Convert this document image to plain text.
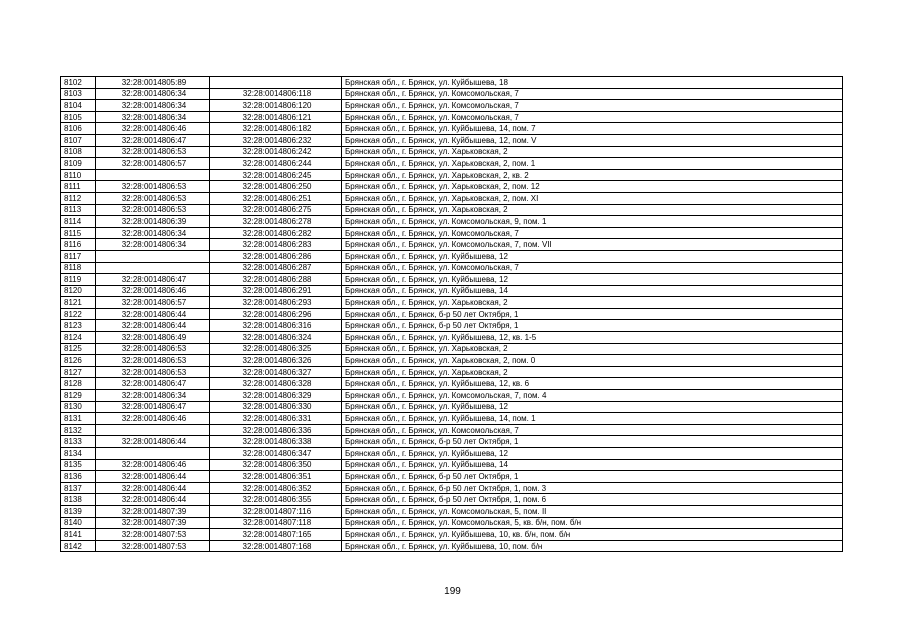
8102	32:28:0014805:89		Брянская обл., г. Брянск, ул. Куйбышева, 18
8103	32:28:0014806:34	32:28:0014806:118	Брянская обл., г. Брянск, ул. Комсомольская, 7
8104	32:28:0014806:34	32:28:0014806:120	Брянская обл., г. Брянск, ул. Комсомольская, 7
8105	32:28:0014806:34	32:28:0014806:121	Брянская обл., г. Брянск, ул. Комсомольская, 7
8106	32:28:0014806:46	32:28:0014806:182	Брянская обл., г. Брянск, ул. Куйбышева, 14, пом. 7
8107	32:28:0014806:47	32:28:0014806:232	Брянская обл., г. Брянск, ул. Куйбышева, 12, пом. V
8108	32:28:0014806:53	32:28:0014806:242	Брянская обл., г. Брянск, ул. Харьковская, 2
8109	32:28:0014806:57	32:28:0014806:244	Брянская обл., г. Брянск, ул. Харьковская, 2, пом. 1
8110		32:28:0014806:245	Брянская обл., г. Брянск, ул. Харьковская, 2, кв. 2
8111	32:28:0014806:53	32:28:0014806:250	Брянская обл., г. Брянск, ул. Харьковская, 2, пом. 12
8112	32:28:0014806:53	32:28:0014806:251	Брянская обл., г. Брянск, ул. Харьковская, 2, пом. XI
8113	32:28:0014806:53	32:28:0014806:275	Брянская обл., г. Брянск, ул. Харьковская, 2
8114	32:28:0014806:39	32:28:0014806:278	Брянская обл., г. Брянск, ул. Комсомольская, 9, пом. 1
8115	32:28:0014806:34	32:28:0014806:282	Брянская обл., г. Брянск, ул. Комсомольская, 7
8116	32:28:0014806:34	32:28:0014806:283	Брянская обл., г. Брянск, ул. Комсомольская, 7, пом. VII
8117		32:28:0014806:286	Брянская обл., г. Брянск, ул. Куйбышева, 12
8118		32:28:0014806:287	Брянская обл., г. Брянск, ул. Комсомольская, 7
8119	32:28:0014806:47	32:28:0014806:288	Брянская обл., г. Брянск, ул. Куйбышева, 12
8120	32:28:0014806:46	32:28:0014806:291	Брянская обл., г. Брянск, ул. Куйбышева, 14
8121	32:28:0014806:57	32:28:0014806:293	Брянская обл., г. Брянск, ул. Харьковская, 2
8122	32:28:0014806:44	32:28:0014806:296	Брянская обл., г. Брянск, б-р 50 лет Октября, 1
8123	32:28:0014806:44	32:28:0014806:316	Брянская обл., г. Брянск, б-р 50 лет Октября, 1
8124	32:28:0014806:49	32:28:0014806:324	Брянская обл., г. Брянск, ул. Куйбышева, 12, кв. 1-5
8125	32:28:0014806:53	32:28:0014806:325	Брянская обл., г. Брянск, ул. Харьковская, 2
8126	32:28:0014806:53	32:28:0014806:326	Брянская обл., г. Брянск, ул. Харьковская, 2, пом. 0
8127	32:28:0014806:53	32:28:0014806:327	Брянская обл., г. Брянск, ул. Харьковская, 2
8128	32:28:0014806:47	32:28:0014806:328	Брянская обл., г. Брянск, ул. Куйбышева, 12, кв. 6
8129	32:28:0014806:34	32:28:0014806:329	Брянская обл., г. Брянск, ул. Комсомольская, 7, пом. 4
8130	32:28:0014806:47	32:28:0014806:330	Брянская обл., г. Брянск, ул. Куйбышева, 12
8131	32:28:0014806:46	32:28:0014806:331	Брянская обл., г. Брянск, ул. Куйбышева, 14, пом. 1
8132		32:28:0014806:336	Брянская обл., г. Брянск, ул. Комсомольская, 7
8133	32:28:0014806:44	32:28:0014806:338	Брянская обл., г. Брянск, б-р 50 лет Октября, 1
8134		32:28:0014806:347	Брянская обл., г. Брянск, ул. Куйбышева, 12
8135	32:28:0014806:46	32:28:0014806:350	Брянская обл., г. Брянск, ул. Куйбышева, 14
8136	32:28:0014806:44	32:28:0014806:351	Брянская обл., г. Брянск, б-р 50 лет Октября, 1
8137	32:28:0014806:44	32:28:0014806:352	Брянская обл., г. Брянск, б-р 50 лет Октября, 1, пом. 3
8138	32:28:0014806:44	32:28:0014806:355	Брянская обл., г. Брянск, б-р 50 лет Октября, 1, пом. 6
8139	32:28:0014807:39	32:28:0014807:116	Брянская обл., г. Брянск, ул. Комсомольская, 5, пом. II
8140	32:28:0014807:39	32:28:0014807:118	Брянская обл., г. Брянск, ул. Комсомольская, 5, кв. б/н, пом. б/н
8141	32:28:0014807:53	32:28:0014807:165	Брянская обл., г. Брянск, ул. Куйбышева, 10, кв. б/н, пом. б/н
8142	32:28:0014807:53	32:28:0014807:168	Брянская обл., г. Брянск, ул. Куйбышева, 10, пом. б/н
199
